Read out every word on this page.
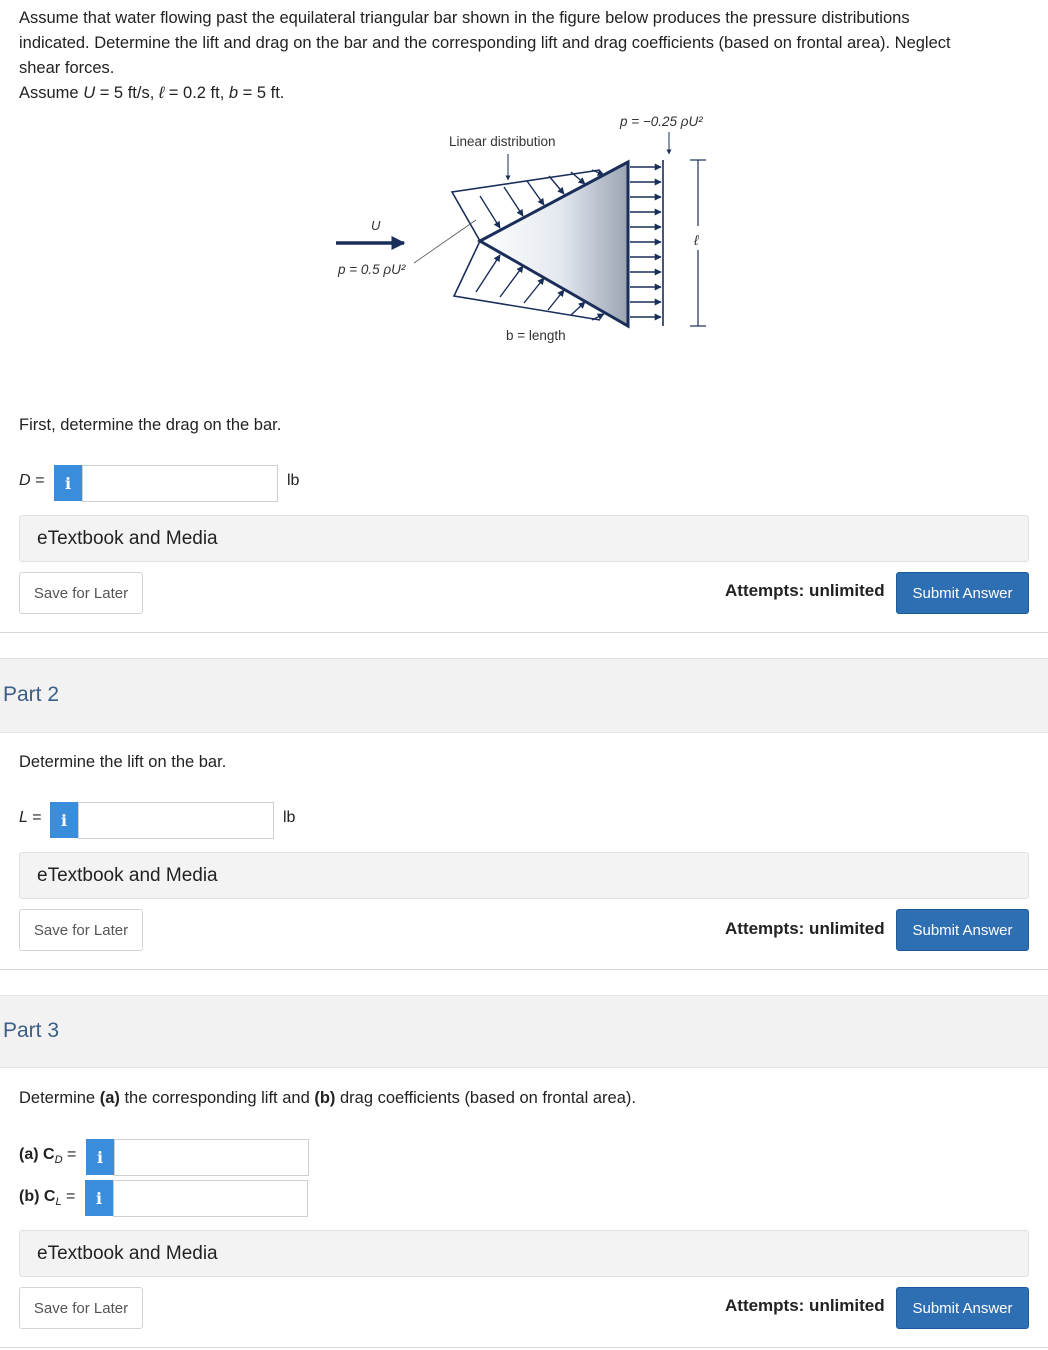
Assume that water flowing past the equilateral triangular bar shown in the figure below produces the pressure distributions
indicated. Determine the lift and drag on the bar and the corresponding lift and drag coefficients (based on frontal area). Neglect
shear forces.
Assume U = 5 ft/s, ℓ = 0.2 ft, b = 5 ft.
Linear distribution
p = −0.25 ρU²
U
p = 0.5 ρU²
ℓ
b = length
First, determine the drag on the bar.
D =	i	lb
eTextbook and Media
Save for Later	Attempts: unlimited	Submit Answer
Part 2
Determine the lift on the bar.
L =	i	lb
eTextbook and Media
Save for Later	Attempts: unlimited	Submit Answer
Part 3
Determine (a) the corresponding lift and (b) drag coefficients (based on frontal area).
(a) $C_D$ =	i
(b) $C_L$ =	i
eTextbook and Media
Save for Later	Attempts: unlimited	Submit Answer
